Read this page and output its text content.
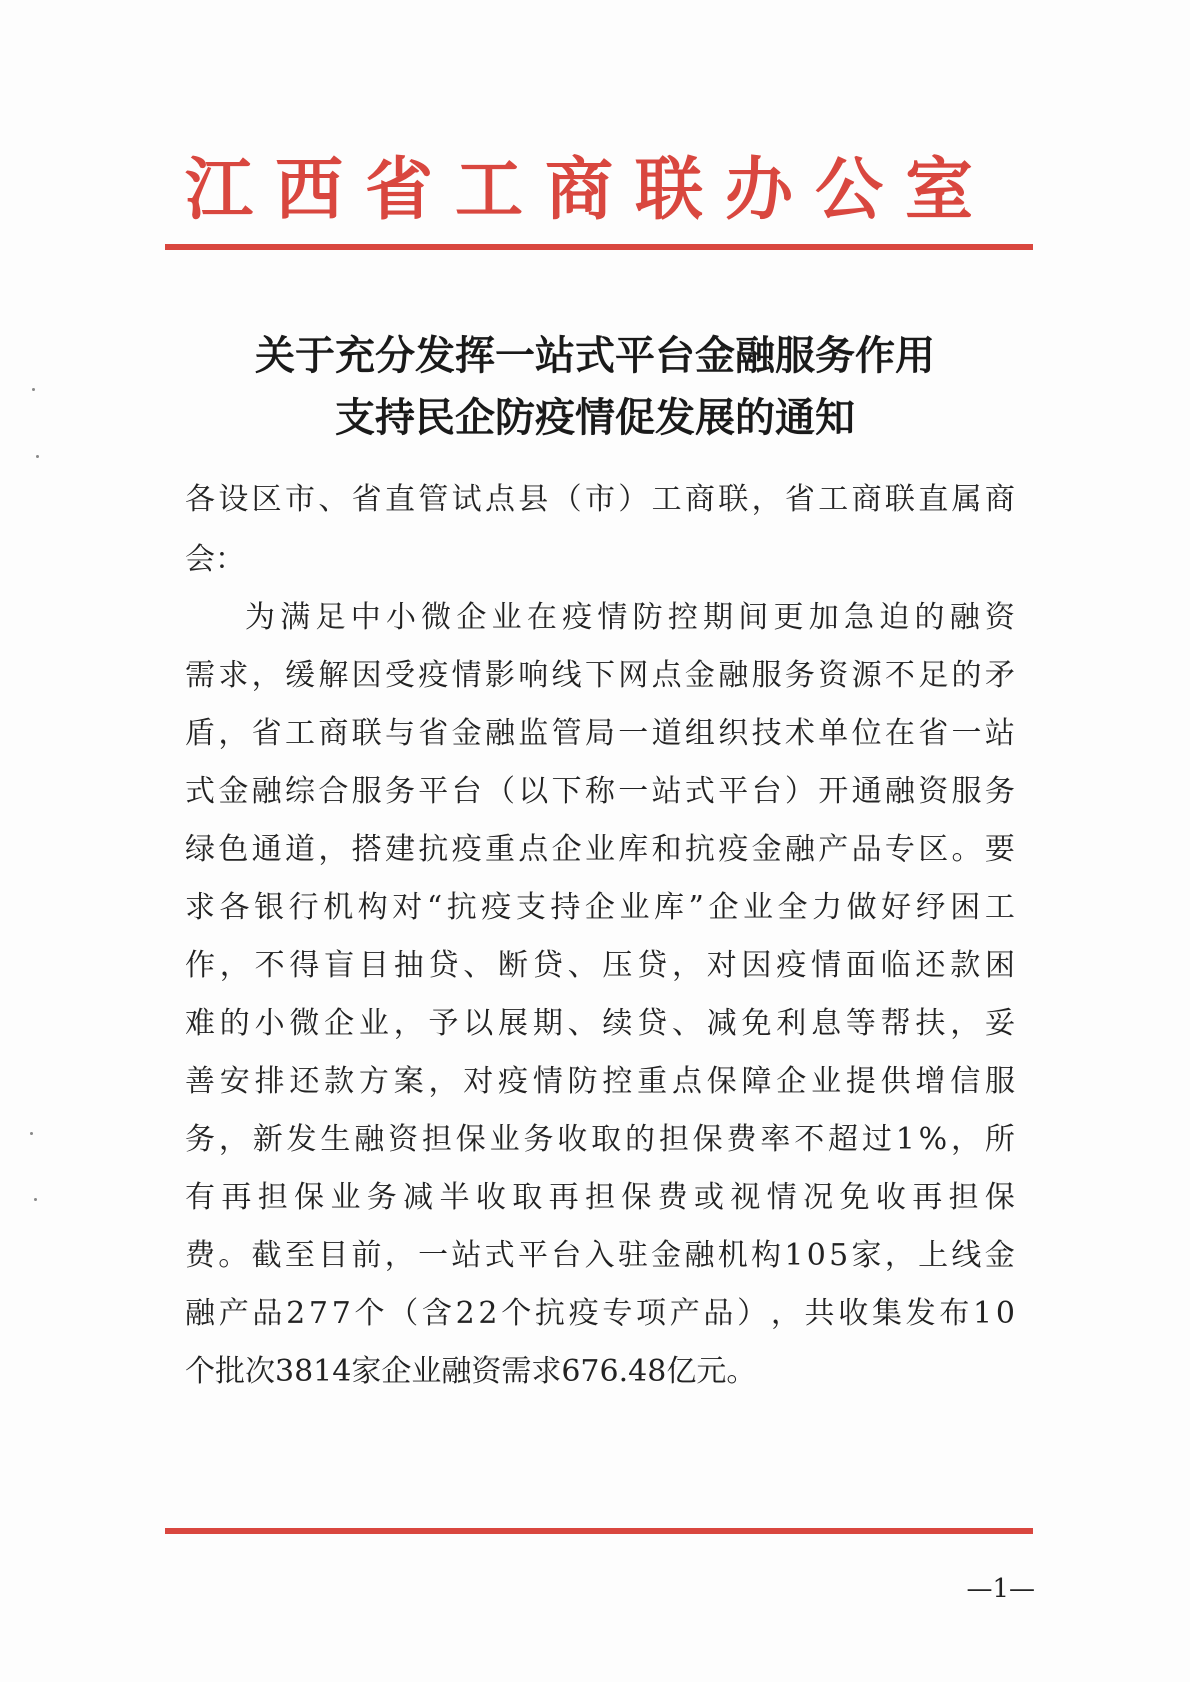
江西省工商联办公室
关于充分发挥一站式平台金融服务作用
支持民企防疫情促发展的通知
各 设 区 市 、 省 直 管 试 点 县 （ 市 ） 工 商 联 ， 省 工 商 联 直 属 商
会：
为 满 足 中 小 微 企 业 在 疫 情 防 控 期 间 更 加 急 迫 的 融 资
需 求 ， 缓 解 因 受 疫 情 影 响 线 下 网 点 金 融 服 务 资 源 不 足 的 矛
盾 ， 省 工 商 联 与 省 金 融 监 管 局 一 道 组 织 技 术 单 位 在 省 一 站
式 金 融 综 合 服 务 平 台 （ 以 下 称 一 站 式 平 台 ） 开 通 融 资 服 务
绿 色 通 道 ， 搭 建 抗 疫 重 点 企 业 库 和 抗 疫 金 融 产 品 专 区 。 要
求 各 银 行 机 构 对 “ 抗 疫 支 持 企 业 库 ” 企 业 全 力 做 好 纾 困 工
作 ， 不 得 盲 目 抽 贷 、 断 贷 、 压 贷 ， 对 因 疫 情 面 临 还 款 困
难 的 小 微 企 业 ， 予 以 展 期 、 续 贷 、 减 免 利 息 等 帮 扶 ， 妥
善 安 排 还 款 方 案 ， 对 疫 情 防 控 重 点 保 障 企 业 提 供 增 信 服
务 ， 新 发 生 融 资 担 保 业 务 收 取 的 担 保 费 率 不 超 过 1 % ， 所
有 再 担 保 业 务 减 半 收 取 再 担 保 费 或 视 情 况 免 收 再 担 保
费 。 截 至 目 前 ， 一 站 式 平 台 入 驻 金 融 机 构 1 0 5 家 ， 上 线 金
融 产 品 2 7 7 个 （ 含 2 2 个 抗 疫 专 项 产 品 ） ， 共 收 集 发 布 1 0
个批次3814家企业融资需求676.48亿元。
—1—
